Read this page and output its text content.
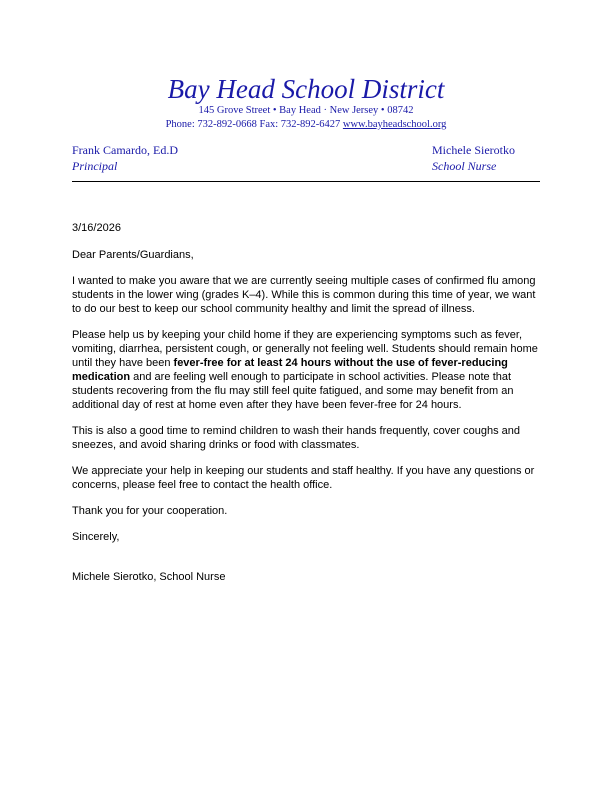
Bay Head School District
145 Grove Street • Bay Head · New Jersey • 08742
Phone: 732-892-0668 Fax: 732-892-6427 www.bayheadschool.org
Frank Camardo, Ed.D
Principal
Michele Sierotko
School Nurse

3/16/2026

Dear Parents/Guardians,

I wanted to make you aware that we are currently seeing multiple cases of confirmed flu among students in the lower wing (grades K–4). While this is common during this time of year, we want to do our best to keep our school community healthy and limit the spread of illness.

Please help us by keeping your child home if they are experiencing symptoms such as fever, vomiting, diarrhea, persistent cough, or generally not feeling well. Students should remain home until they have been fever-free for at least 24 hours without the use of fever-reducing medication and are feeling well enough to participate in school activities. Please note that students recovering from the flu may still feel quite fatigued, and some may benefit from an additional day of rest at home even after they have been fever-free for 24 hours.

This is also a good time to remind children to wash their hands frequently, cover coughs and sneezes, and avoid sharing drinks or food with classmates.

We appreciate your help in keeping our students and staff healthy. If you have any questions or concerns, please feel free to contact the health office.

Thank you for your cooperation.

Sincerely,

Michele Sierotko, School Nurse
